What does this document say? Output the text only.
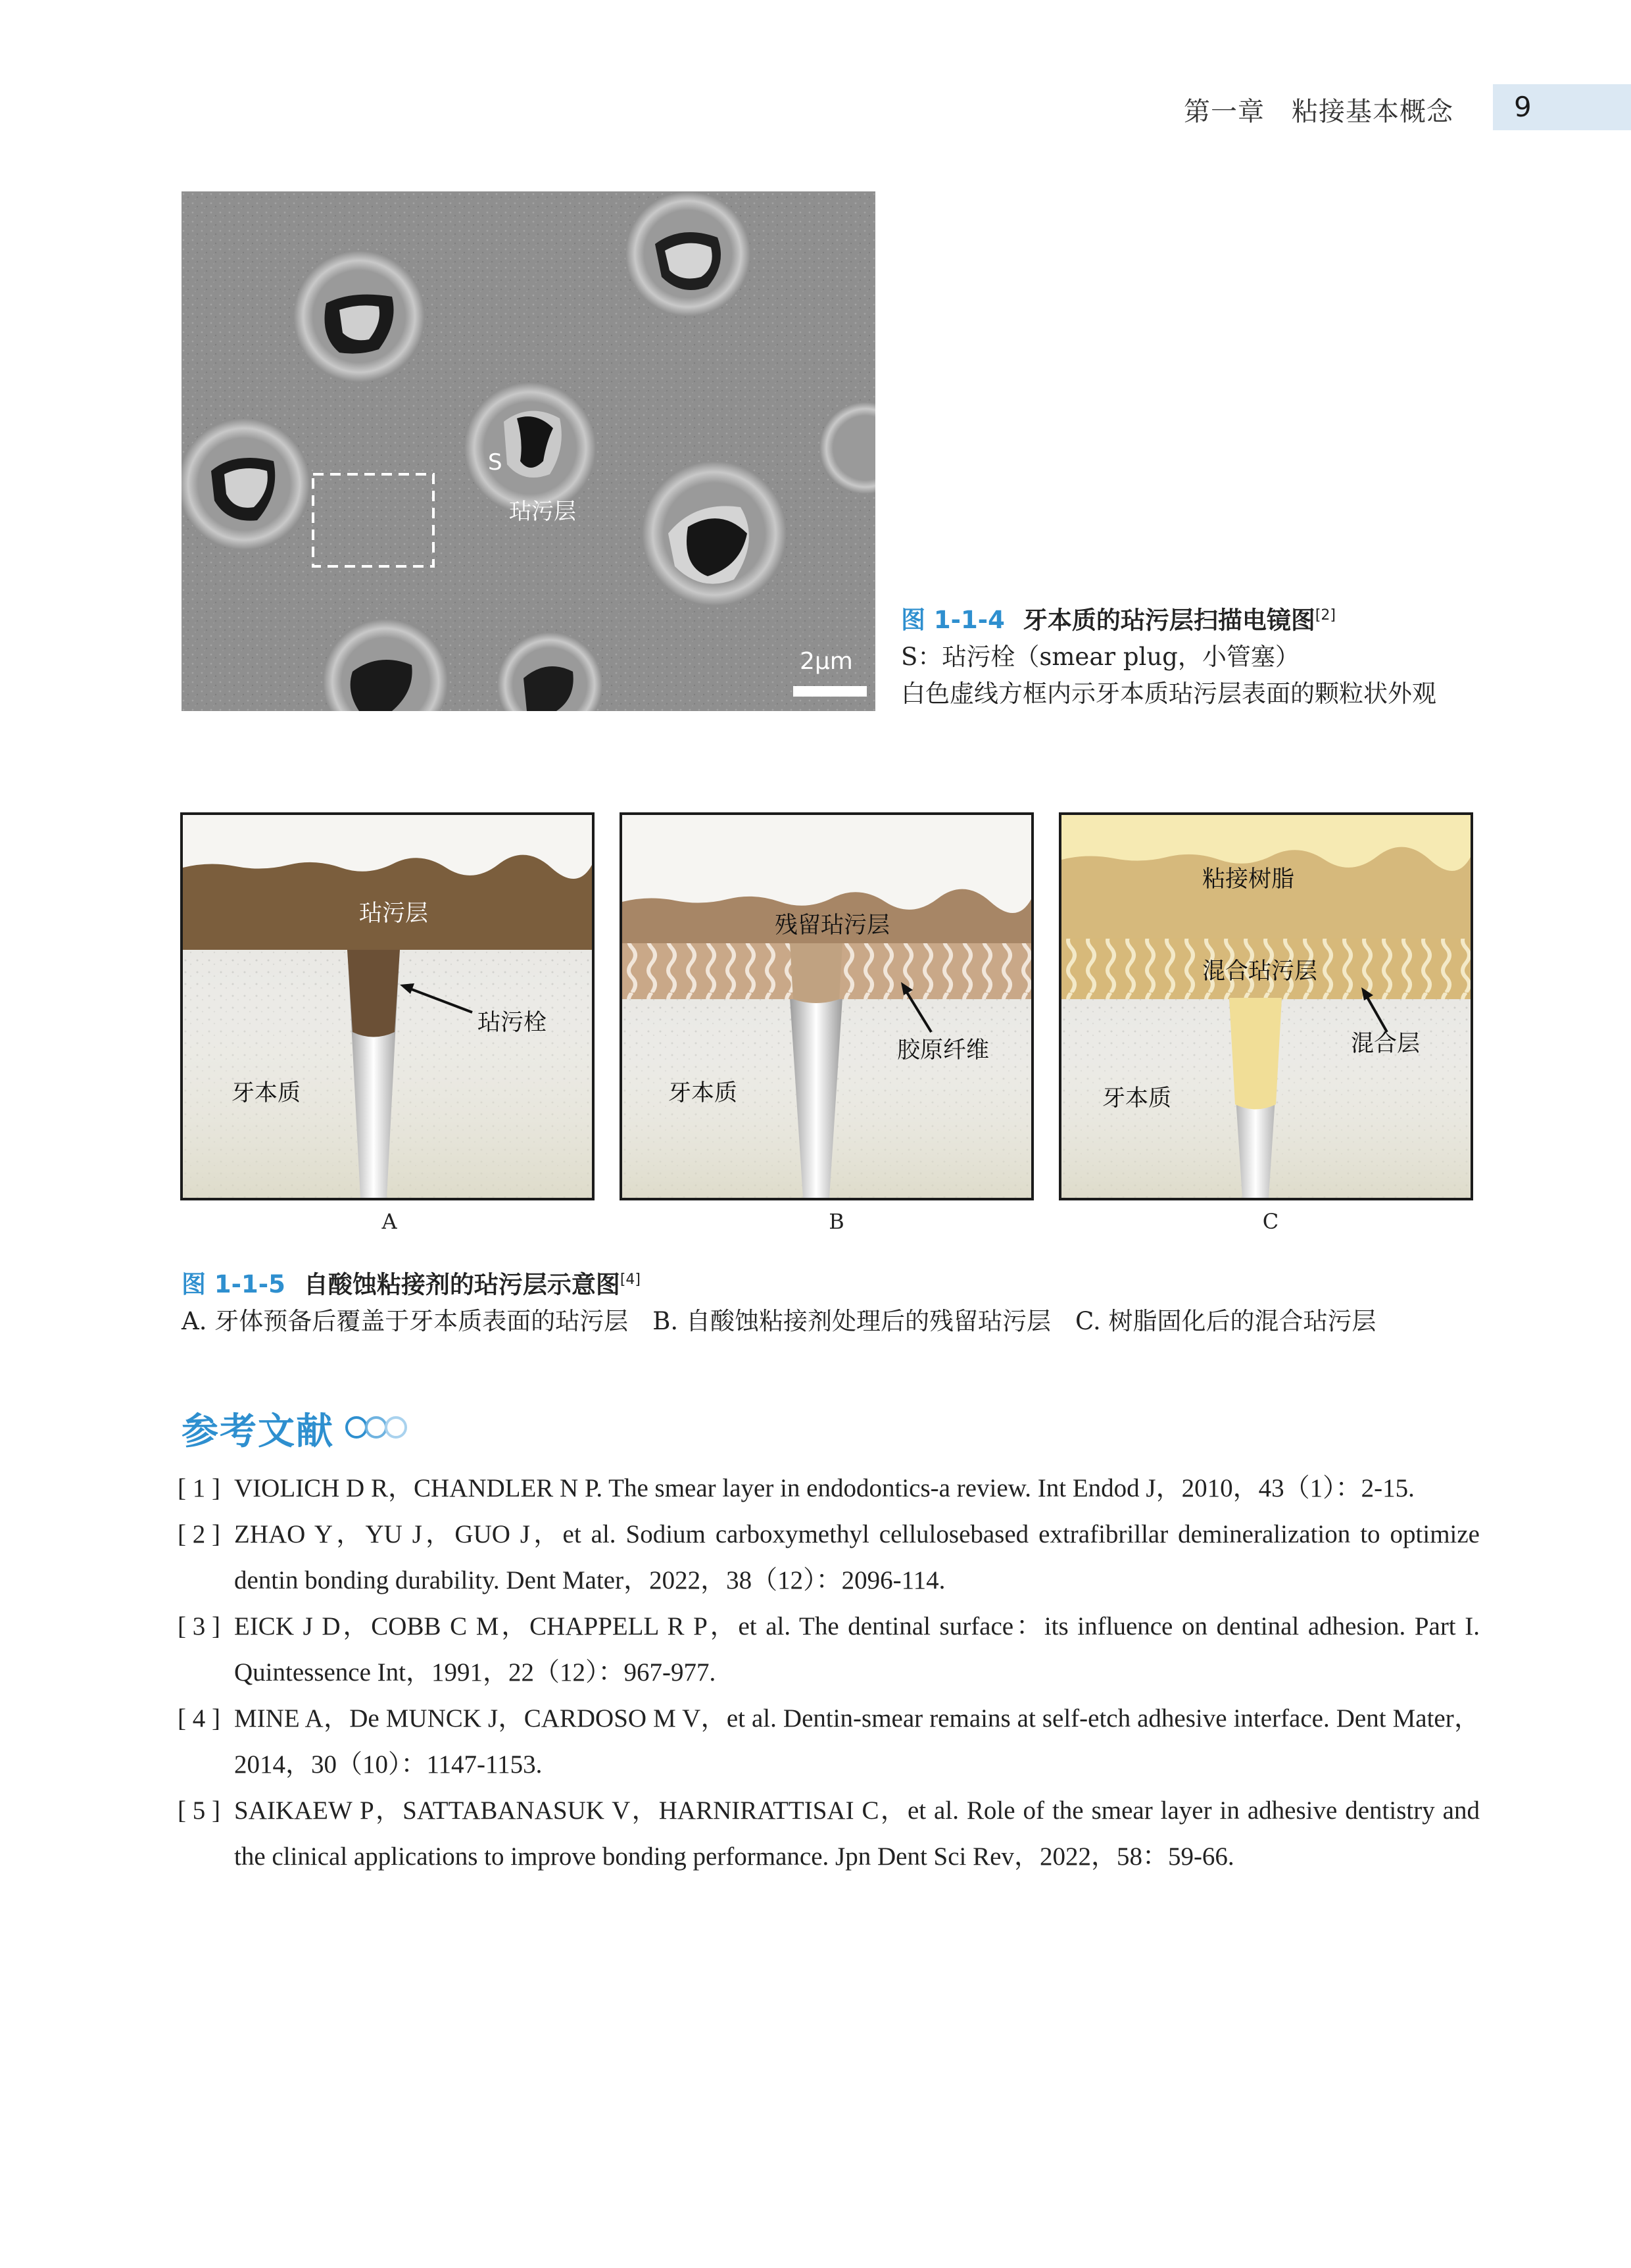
第一章　粘接基本概念	9
S
玷污层
2μm
图 1-1-4 牙本质的玷污层扫描电镜图[2]
S：玷污栓（smear plug，小管塞）
白色虚线方框内示牙本质玷污层表面的颗粒状外观
玷污层
玷污栓
牙本质
A
残留玷污层
胶原纤维
牙本质
B
粘接树脂
混合玷污层
混合层
牙本质
C
图 1-1-5 自酸蚀粘接剂的玷污层示意图[4]
A. 牙体预备后覆盖于牙本质表面的玷污层　B. 自酸蚀粘接剂处理后的残留玷污层　C. 树脂固化后的混合玷污层
参考文献
[ 1 ] VIOLICH D R，CHANDLER N P. The smear layer in endodontics-a review. Int Endod J，2010，43（1）：2-15.
[ 2 ] ZHAO Y，YU J，GUO J，et al. Sodium carboxymethyl cellulosebased extrafibrillar demineralization to optimize dentin bonding durability. Dent Mater，2022，38（12）：2096-114.
[ 3 ] EICK J D，COBB C M，CHAPPELL R P，et al. The dentinal surface：its influence on dentinal adhesion. Part I. Quintessence Int，1991，22（12）：967-977.
[ 4 ] MINE A，De MUNCK J，CARDOSO M V，et al. Dentin-smear remains at self-etch adhesive interface. Dent Mater，2014，30（10）：1147-1153.
[ 5 ] SAIKAEW P，SATTABANASUK V，HARNIRATTISAI C，et al. Role of the smear layer in adhesive dentistry and the clinical applications to improve bonding performance. Jpn Dent Sci Rev，2022，58：59-66.
